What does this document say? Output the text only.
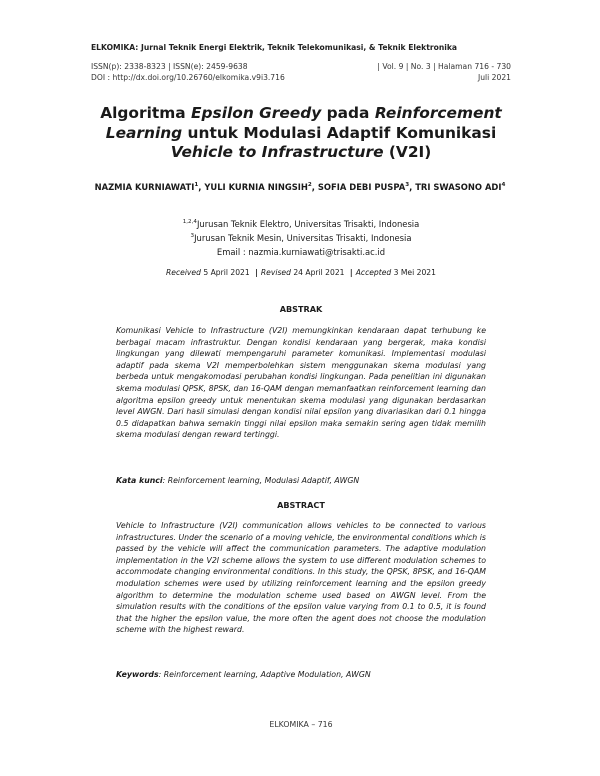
ELKOMIKA: Jurnal Teknik Energi Elektrik, Teknik Telekomunikasi, & Teknik Elektronika
ISSN(p): 2338-8323 | ISSN(e): 2459-9638	| Vol. 9 | No. 3 | Halaman 716 - 730
DOI : http://dx.doi.org/10.26760/elkomika.v9i3.716	Juli 2021
Algoritma Epsilon Greedy pada Reinforcement Learning untuk Modulasi Adaptif Komunikasi Vehicle to Infrastructure (V2I)
NAZMIA KURNIAWATI$^1$, YULI KURNIA NINGSIH$^2$, SOFIA DEBI PUSPA$^3$, TRI SWASONO ADI$^4$
$^{1,2,4}$Jurusan Teknik Elektro, Universitas Trisakti, Indonesia
$^3$Jurusan Teknik Mesin, Universitas Trisakti, Indonesia
Email : nazmia.kurniawati@trisakti.ac.id
Received 5 April 2021 | Revised 24 April 2021 | Accepted 3 Mei 2021
ABSTRAK
Komunikasi Vehicle to Infrastructure (V2I) memungkinkan kendaraan dapat terhubung ke berbagai macam infrastruktur. Dengan kondisi kendaraan yang bergerak, maka kondisi lingkungan yang dilewati mempengaruhi parameter komunikasi. Implementasi modulasi adaptif pada skema V2I memperbolehkan sistem menggunakan skema modulasi yang berbeda untuk mengakomodasi perubahan kondisi lingkungan. Pada penelitian ini digunakan skema modulasi QPSK, 8PSK, dan 16-QAM dengan memanfaatkan reinforcement learning dan algoritma epsilon greedy untuk menentukan skema modulasi yang digunakan berdasarkan level AWGN. Dari hasil simulasi dengan kondisi nilai epsilon yang divariasikan dari 0.1 hingga 0.5 didapatkan bahwa semakin tinggi nilai epsilon maka semakin sering agen tidak memilih skema modulasi dengan reward tertinggi.
Kata kunci: Reinforcement learning, Modulasi Adaptif, AWGN
ABSTRACT
Vehicle to Infrastructure (V2I) communication allows vehicles to be connected to various infrastructures. Under the scenario of a moving vehicle, the environmental conditions which is passed by the vehicle will affect the communication parameters. The adaptive modulation implementation in the V2I scheme allows the system to use different modulation schemes to accommodate changing environmental conditions. In this study, the QPSK, 8PSK, and 16-QAM modulation schemes were used by utilizing reinforcement learning and the epsilon greedy algorithm to determine the modulation scheme used based on AWGN level. From the simulation results with the conditions of the epsilon value varying from 0.1 to 0.5, it is found that the higher the epsilon value, the more often the agent does not choose the modulation scheme with the highest reward.
Keywords: Reinforcement learning, Adaptive Modulation, AWGN
ELKOMIKA – 716
